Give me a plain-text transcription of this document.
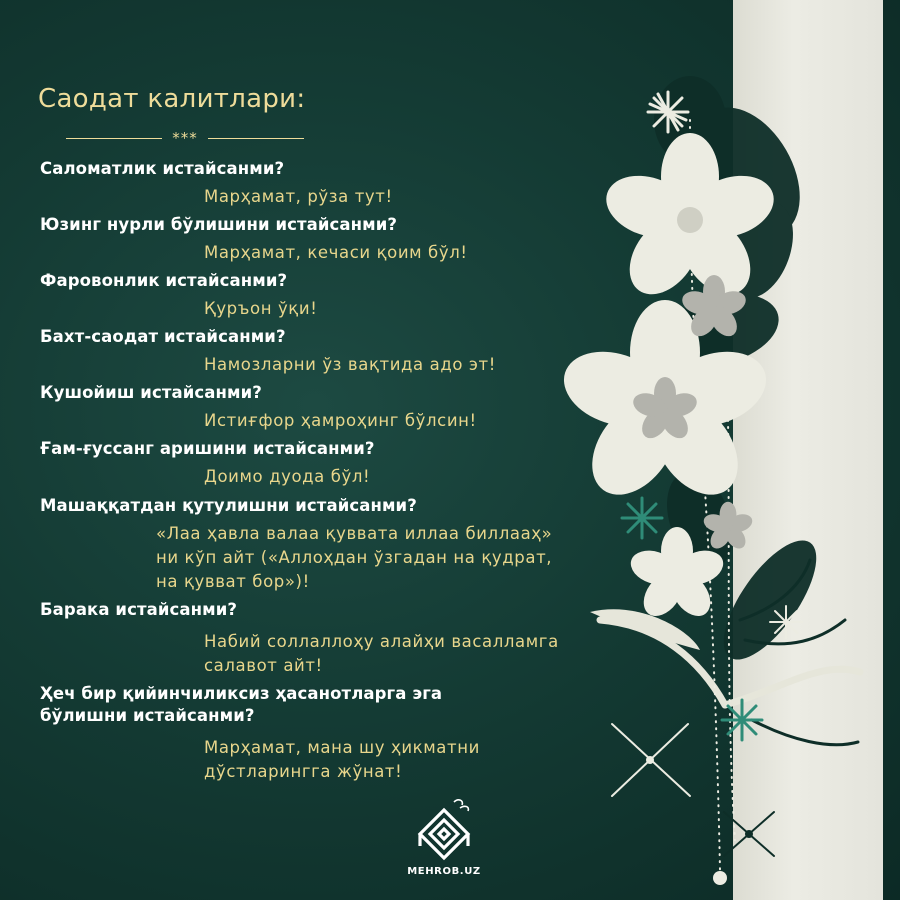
Саодат калитлари:
***

Саломатлик истайсанми?

Марҳамат, рўза тут!

Юзинг нурли бўлишини истайсанми?

Марҳамат, кечаси қоим бўл!

Фаровонлик истайсанми?

Қуръон ўқи!

Бахт-саодат истайсанми?

Намозларни ўз вақтида адо эт!

Кушойиш истайсанми?

Истиғфор ҳамроҳинг бўлсин!

Ғам-ғуссанг аришини истайсанми?

Доимо дуода бўл!

Машаққатдан қутулишни истайсанми?

«Лаа ҳавла валаа қуввата иллаа биллааҳ»
ни кўп айт («Аллоҳдан ўзгадан на қудрат,
на қувват бор»)!

Барака истайсанми?

Набий соллаллоҳу алайҳи васалламга
салавот айт!
Ҳеч бир қийинчиликсиз ҳасанотларга эга
бўлишни истайсанми?
Марҳамат, мана шу ҳикматни
дўстларингга жўнат!

MEHROB.UZ
